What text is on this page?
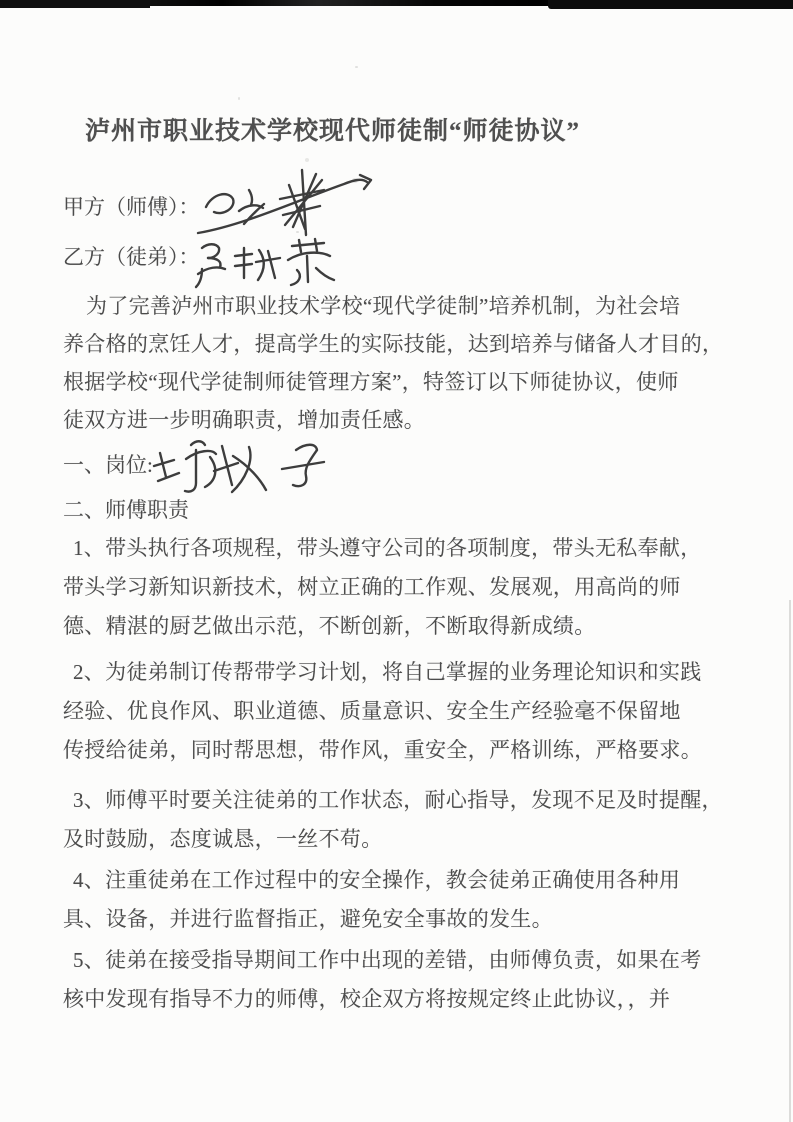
泸州市职业技术学校现代师徒制“师徒协议”
甲方（师傅）：
乙方（徒弟）：
为了完善泸州市职业技术学校“现代学徒制”培养机制，为社会培
养合格的烹饪人才，提高学生的实际技能，达到培养与储备人才目的，
根据学校“现代学徒制师徒管理方案”，特签订以下师徒协议，使师
徒双方进一步明确职责，增加责任感。
一、岗位:
二、师傅职责
1、带头执行各项规程，带头遵守公司的各项制度，带头无私奉献，
带头学习新知识新技术，树立正确的工作观、发展观，用高尚的师
德、精湛的厨艺做出示范，不断创新，不断取得新成绩。
2、为徒弟制订传帮带学习计划，将自己掌握的业务理论知识和实践
经验、优良作风、职业道德、质量意识、安全生产经验毫不保留地
传授给徒弟，同时帮思想，带作风，重安全，严格训练，严格要求。
3、师傅平时要关注徒弟的工作状态，耐心指导，发现不足及时提醒，
及时鼓励，态度诚恳，一丝不苟。
4、注重徒弟在工作过程中的安全操作，教会徒弟正确使用各种用
具、设备，并进行监督指正，避免安全事故的发生。
5、徒弟在接受指导期间工作中出现的差错，由师傅负责，如果在考
核中发现有指导不力的师傅，校企双方将按规定终止此协议，，并
